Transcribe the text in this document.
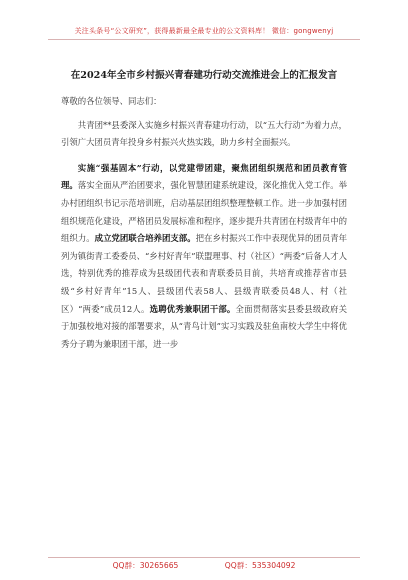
关注头条号“公文研究”，获得最新最全最专业的公文资料库！ 微信：gongwenyj
在2024年全市乡村振兴青春建功行动交流推进会上的汇报发言

尊敬的各位领导、同志们：

共青团**县委深入实施乡村振兴青春建功行动，以“五大行动”为着力点，引领广大团员青年投身乡村振兴火热实践，助力乡村全面振兴。

实施“强基固本”行动，以党建带团建，聚焦团组织规范和团员教育管理。落实全面从严治团要求，强化智慧团建系统建设，深化推优入党工作。举办村团组织书记示范培训班，启动基层团组织整理整顿工作。进一步加强村团组织规范化建设，严格团员发展标准和程序，逐步提升共青团在村级青年中的组织力。成立党团联合培养团支部。把在乡村振兴工作中表现优异的团员青年列为镇街青工委委员、“乡村好青年”联盟理事、村（社区）“两委”后备人才人选，特别优秀的推荐成为县级团代表和青联委员目前，共培育或推荐省市县级“乡村好青年”15人、县级团代表58人、县级青联委员48人、村（社区）“两委”成员12人。选聘优秀兼职团干部。全面贯彻落实县委县级政府关于加强校地对接的部署要求，从“青鸟计划”实习实践及驻鱼南校大学生中将优秀分子聘为兼职团干部，进一步

QQ群：30265665	QQ群：535304092
